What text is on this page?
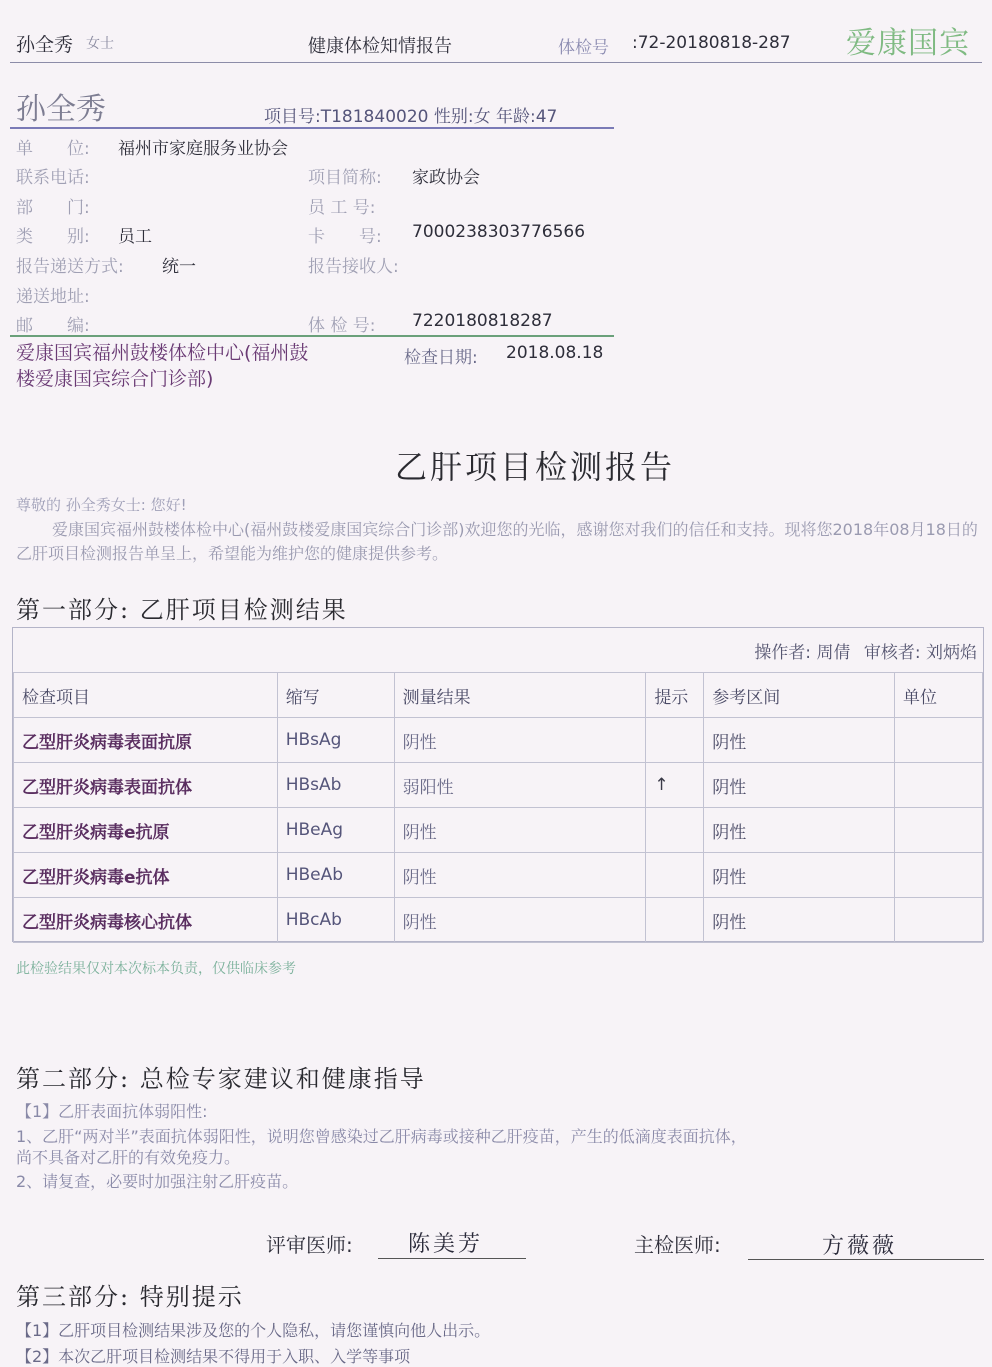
孙全秀 女士	健康体检知情报告	体检号 :72-20180818-287 爱康国宾
孙全秀	项目号:T181840020 性别:女 年龄:47
单　　位: 福州市家庭服务业协会
联系电话:	项目简称: 家政协会
部　　门:	员 工 号:
类　　别: 员工	卡　　号: 7000238303776566
报告递送方式: 统一	报告接收人:
递送地址:
邮　　编:	体 检 号: 7220180818287
爱康国宾福州鼓楼体检中心(福州鼓楼爱康国宾综合门诊部)
检查日期: 2018.08.18
乙肝项目检测报告
尊敬的 孙全秀女士: 您好!
爱康国宾福州鼓楼体检中心(福州鼓楼爱康国宾综合门诊部)欢迎您的光临，感谢您对我们的信任和支持。现将您2018年08月18日的乙肝项目检测报告单呈上，希望能为维护您的健康提供参考。
第一部分: 乙肝项目检测结果
操作者: 周倩 审核者: 刘炳焰
检查项目	缩写	测量结果	提示	参考区间	单位
乙型肝炎病毒表面抗原	HBsAg	阴性		阴性	
乙型肝炎病毒表面抗体	HBsAb	弱阳性	↑	阴性	
乙型肝炎病毒e抗原	HBeAg	阴性		阴性	
乙型肝炎病毒e抗体	HBeAb	阴性		阴性	
乙型肝炎病毒核心抗体	HBcAb	阴性		阴性	
此检验结果仅对本次标本负责，仅供临床参考
第二部分: 总检专家建议和健康指导
【1】乙肝表面抗体弱阳性:
1、乙肝“两对半”表面抗体弱阳性，说明您曾感染过乙肝病毒或接种乙肝疫苗，产生的低滴度表面抗体，
尚不具备对乙肝的有效免疫力。
2、请复查，必要时加强注射乙肝疫苗。
评审医师:	陈美芳	主检医师:	方薇薇
第三部分: 特别提示
【1】乙肝项目检测结果涉及您的个人隐私，请您谨慎向他人出示。
【2】本次乙肝项目检测结果不得用于入职、入学等事项
